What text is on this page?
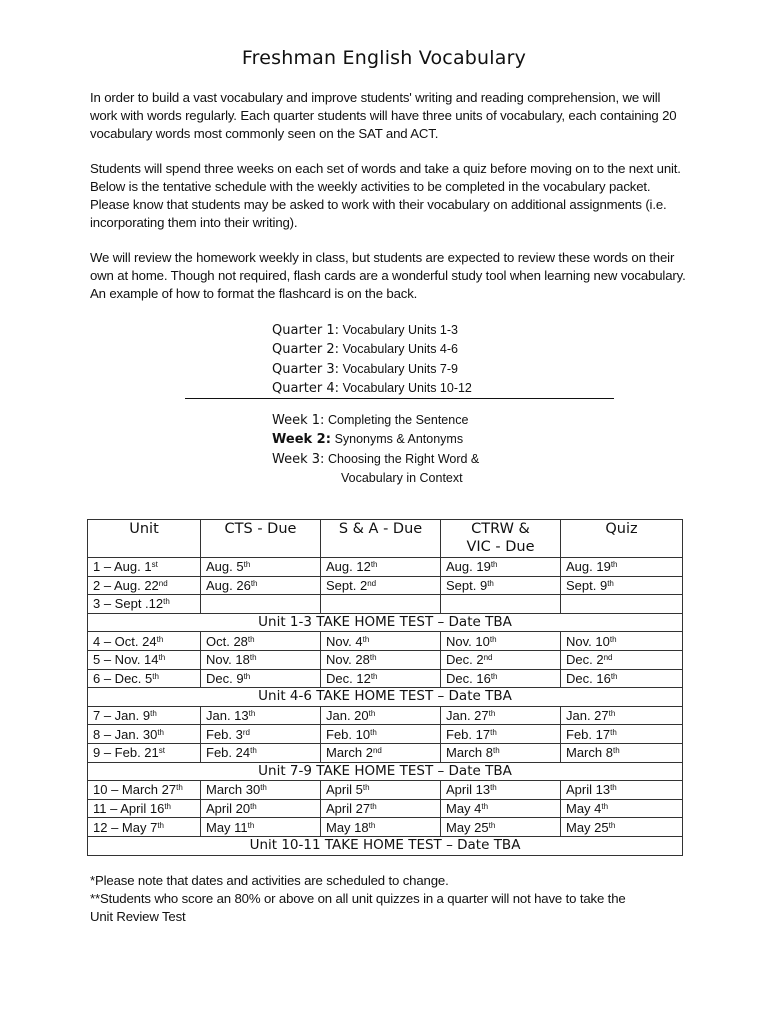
Freshman English Vocabulary
In order to build a vast vocabulary and improve students' writing and reading comprehension, we will work with words regularly. Each quarter students will have three units of vocabulary, each containing 20 vocabulary words most commonly seen on the SAT and ACT.
Students will spend three weeks on each set of words and take a quiz before moving on to the next unit. Below is the tentative schedule with the weekly activities to be completed in the vocabulary packet. Please know that students may be asked to work with their vocabulary on additional assignments (i.e. incorporating them into their writing).
We will review the homework weekly in class, but students are expected to review these words on their own at home. Though not required, flash cards are a wonderful study tool when learning new vocabulary. An example of how to format the flashcard is on the back.
Quarter 1: Vocabulary Units 1-3
Quarter 2: Vocabulary Units 4-6
Quarter 3: Vocabulary Units 7-9
Quarter 4: Vocabulary Units 10-12
Week 1: Completing the Sentence
Week 2: Synonyms & Antonyms
Week 3: Choosing the Right Word &
Vocabulary in Context
Unit	CTS - Due	S & A - Due	CTRW &
VIC - Due	Quiz
1 – Aug. 1st	Aug. 5th	Aug. 12th	Aug. 19th	Aug. 19th
2 – Aug. 22nd	Aug. 26th	Sept. 2nd	Sept. 9th	Sept. 9th
3 – Sept .12th				
Unit 1-3 TAKE HOME TEST – Date TBA				
4 – Oct. 24th	Oct. 28th	Nov. 4th	Nov. 10th	Nov. 10th
5 – Nov. 14th	Nov. 18th	Nov. 28th	Dec. 2nd	Dec. 2nd
6 – Dec. 5th	Dec. 9th	Dec. 12th	Dec. 16th	Dec. 16th
Unit 4-6 TAKE HOME TEST – Date TBA				
7 – Jan. 9th	Jan. 13th	Jan. 20th	Jan. 27th	Jan. 27th
8 – Jan. 30th	Feb. 3rd	Feb. 10th	Feb. 17th	Feb. 17th
9 – Feb. 21st	Feb. 24th	March 2nd	March 8th	March 8th
Unit 7-9 TAKE HOME TEST – Date TBA				
10 – March 27th	March 30th	April 5th	April 13th	April 13th
11 – April 16th	April 20th	April 27th	May 4th	May 4th
12 – May 7th	May 11th	May 18th	May 25th	May 25th
Unit 10-11 TAKE HOME TEST – Date TBA				
*Please note that dates and activities are scheduled to change.
**Students who score an 80% or above on all unit quizzes in a quarter will not have to take the
Unit Review Test
